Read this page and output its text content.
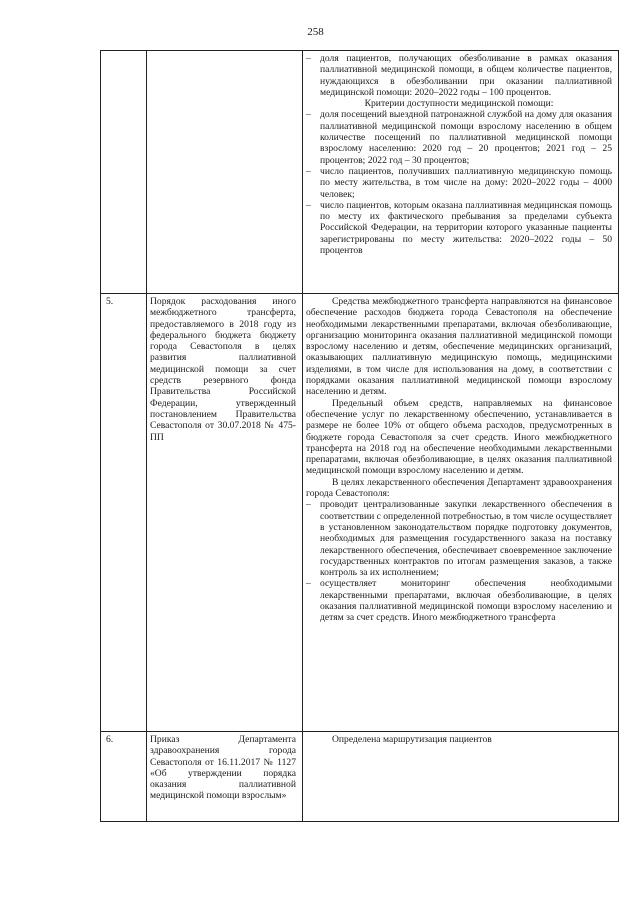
258
– доля пациентов, получающих обезболивание в рамках оказания паллиативной медицинской помощи, в общем количестве пациентов, нуждающихся в обезболивании при оказании паллиативной медицинской помощи: 2020–2022 годы – 100 процентов.

Критерии доступности медицинской помощи:

– доля посещений выездной патронажной службой на дому для оказания паллиативной медицинской помощи взрослому населению в общем количестве посещений по паллиативной медицинской помощи взрослому населению: 2020 год – 20 процентов; 2021 год – 25 процентов; 2022 год – 30 процентов;
– число пациентов, получивших паллиативную медицинскую помощь по месту жительства, в том числе на дому: 2020–2022 годы – 4000 человек;
– число пациентов, которым оказана паллиативная медицинская помощь по месту их фактического пребывания за пределами субъекта Российской Федерации, на территории которого указанные пациенты зарегистрированы по месту жительства: 2020–2022 годы – 50 процентов
5.	Порядок расходования иного межбюджетного трансферта, предоставляемого в 2018 году из федерального бюджета бюджету города Севастополя в целях развития паллиативной медицинской помощи за счет средств резервного фонда Правительства Российской Федерации, утвержденный постановлением Правительства Севастополя от 30.07.2018 № 475-ПП

Средства межбюджетного трансферта направляются на финансовое обеспечение расходов бюджета города Севастополя на обеспечение необходимыми лекарственными препаратами, включая обезболивающие, организацию мониторинга оказания паллиативной медицинской помощи взрослому населению и детям, обеспечение медицинских организаций, оказывающих паллиативную медицинскую помощь, медицинскими изделиями, в том числе для использования на дому, в соответствии с порядками оказания паллиативной медицинской помощи взрослому населению и детям.

Предельный объем средств, направляемых на финансовое обеспечение услуг по лекарственному обеспечению, устанавливается в размере не более 10% от общего объема расходов, предусмотренных в бюджете города Севастополя за счет средств. Иного межбюджетного трансферта на 2018 год на обеспечение необходимыми лекарственными препаратами, включая обезболивающие, в целях оказания паллиативной медицинской помощи взрослому населению и детям.

В целях лекарственного обеспечения Департамент здравоохранения города Севастополя:

– проводит централизованные закупки лекарственного обеспечения в соответствии с определенной потребностью, в том числе осуществляет в установленном законодательством порядке подготовку документов, необходимых для размещения государственного заказа на поставку лекарственного обеспечения, обеспечивает своевременное заключение государственных контрактов по итогам размещения заказов, а также контроль за их исполнением;
– осуществляет мониторинг обеспечения необходимыми лекарственными препаратами, включая обезболивающие, в целях оказания паллиативной медицинской помощи взрослому населению и детям за счет средств. Иного межбюджетного трансферта
6.	Приказ Департамента здравоохранения города Севастополя от 16.11.2017 № 1127 «Об утверждении порядка оказания паллиативной медицинской помощи взрослым»
Определена маршрутизация пациентов
